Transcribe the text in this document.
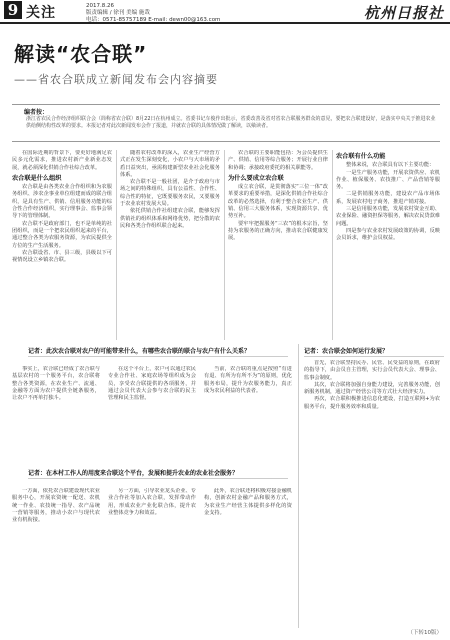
9 关注	2017.8.26
版责编辑 / 徐刊 美编 施哉
电话：0571-85757189 E-mail: dewn00@163.com	杭州日报社
解读“农合联”
——省农合联成立新闻发布会内容摘要
编者按：
浙江省农民合作经济组织联合会（简称省农合联）8月22日在杭州成立。省委书记车俊作出批示，省委改善及省对省农合联服务群众的意见，要把农合联建设好，是落实中央关于推进农业供给侧结构性改革的要求。本报记者对此次新闻发布会作了报道，并就农合联的具体情况做了解读，以飨读者。

在国际近期的背景下，要更好地满足农民多元化需求，推进农村新产业新业态发展，就必须深化供销合作社综合改革。

农合联是什么组织

农合联是由各类农业合作组织和为农服务组织、涉农企事业单位组建而成的联合组织，是具有生产、供销、信用服务功能的综合性合作经济组织，实行理事会、监事会领导下的管理体制。

农合联不是政府部门，也不是单纯的社团组织，而是一个把农民组织起来的平台，通过整合各类为农服务资源，为农民提供全方位的生产生活服务。

农合联设省、市、县三级，县级以下可视情况设立乡镇农合联。

随着农村改革的深入，农业生产经营方式正在发生深刻变化，小农户与大市场的矛盾日益突出，亟需构建新型农业社会化服务体系。

农合联不是一般社团，是介于政府与市场之间的特殊组织，具有公益性、合作性、综合性的特征，它既要服务农民，又要服务于农业农村发展大局。

依托供销合作社组建农合联，能够发挥供销社的组织体系和网络优势，把分散的农民和各类合作组织联合起来。

农合联的主要职能包括：为会员提供生产、供销、信用等综合服务；开展行业自律和协调；承接政府委托的相关职能等。

为什么要成立农合联

成立农合联，是贯彻落实“三位一体”改革要求的重要举措，是深化供销合作社综合改革的必然选择，有利于整合农业生产、供销、信用三大服务体系，实现资源共享、优势互补。

要牢牢把握服务“三农”的根本宗旨，坚持为农服务的正确方向，推动农合联健康发展。

农合联有什么功能

整体来说，农合联具有以下主要功能：

一是生产服务功能，开展农资供应、农机作业、植保服务、农技推广、产品营销等服务。

二是供销服务功能，建设农产品市场体系，发展农村电子商务，推进产销对接。

三是信用服务功能，发展农村资金互助、农业保险、融资担保等服务，解决农民贷款难问题。

四是参与农业农村发展政策的协调，反映会员诉求，维护会员权益。

记者：此次农合联对农户的可能带来什么，有哪些农合联的联合与农户有什么关系？

事实上，农合联已经成了农合联与基层农村的一个服务平台，农合联将整合各类资源，在农业生产、流通、金融等方面为农户提供全链条服务，让农户不再单打独斗。

在这个平台上，农户可以通过农民专业合作社、家庭农场等组织成为会员，享受农合联提供的各项服务，并通过会员代表大会参与农合联的民主管理和民主监督。

当前，农合联的重点是按照“有进有退、有所为有所不为”的原则，优化服务布局，提升为农服务能力，真正成为农民利益的代表者。

记者：农合联会如何运行发展？

首先，农合联坚持民办、民管、民受益的原则，在政府的指导下，由会员自主管理，实行会员代表大会、理事会、监事会制度。

其次，农合联将加强自身能力建设，完善服务功能，创新服务机制，通过资产经营公司等方式壮大经济实力。

再次，农合联积极推进信息化建设，打造互联网+为农服务平台，提升服务效率和质量。

记者：在本村工作人的用度来合联这个平台，发展和提升农业的农业社会服务？

一方面，依托农合联建设现代农业服务中心，开展农资统一配送、农机统一作业、农技统一指导、农产品统一营销等服务，推动小农户与现代农业有机衔接。

另一方面，引导农业龙头企业、专业合作社等加入农合联，发挥带动作用，形成农业产业化联合体，提升农业整体竞争力和效益。

此外，农合联还将积极对接金融机构，创新农村金融产品和服务方式，为农业生产经营主体提供多样化的资金支持。

（下转10版）
